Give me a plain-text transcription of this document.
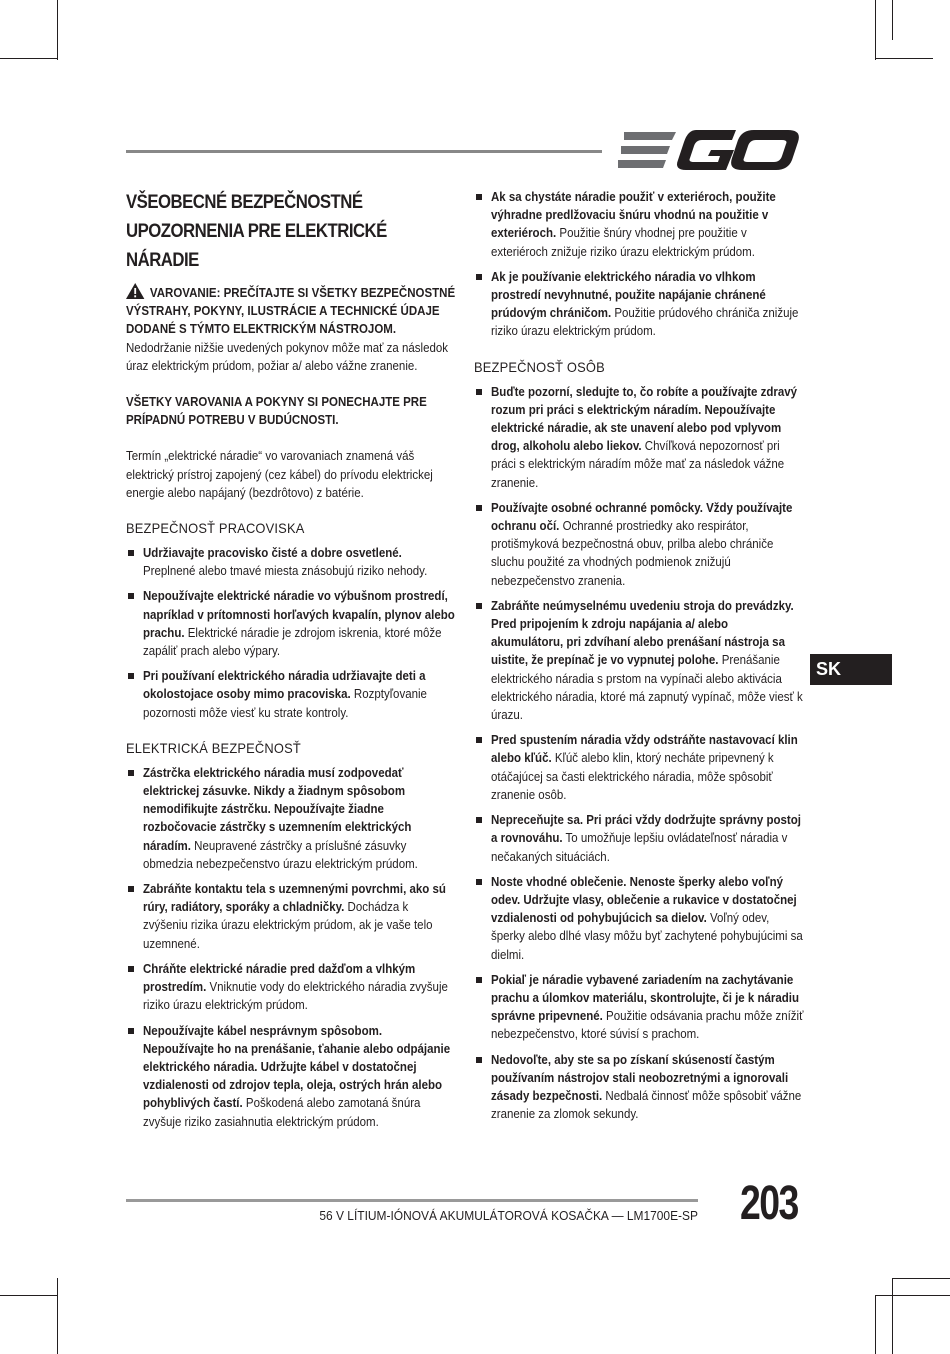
VŠEOBECNÉ BEZPEČNOSTNÉ UPOZORNENIA PRE ELEKTRICKÉ NÁRADIE
VAROVANIE: PREČÍTAJTE SI VŠETKY BEZPEČNOSTNÉ VÝSTRAHY, POKYNY, ILUSTRÁCIE A TECHNICKÉ ÚDAJE DODANÉ S TÝMTO ELEKTRICKÝM NÁSTROJOM. Nedodržanie nižšie uvedených pokynov môže mať za následok úraz elektrickým prúdom, požiar a/ alebo vážne zranenie.
VŠETKY VAROVANIA A POKYNY SI PONECHAJTE PRE PRÍPADNÚ POTREBU V BUDÚCNOSTI.
Termín „elektrické náradie“ vo varovaniach znamená váš elektrický prístroj zapojený (cez kábel) do prívodu elektrickej energie alebo napájaný (bezdrôtovo) z batérie.
BEZPEČNOSŤ PRACOVISKA
Udržiavajte pracovisko čisté a dobre osvetlené. Preplnené alebo tmavé miesta znásobujú riziko nehody.
Nepoužívajte elektrické náradie vo výbušnom prostredí, napríklad v prítomnosti horľavých kvapalín, plynov alebo prachu. Elektrické náradie je zdrojom iskrenia, ktoré môže zapáliť prach alebo výpary.
Pri používaní elektrického náradia udržiavajte deti a okolostojace osoby mimo pracoviska. Rozptyľovanie pozornosti môže viesť ku strate kontroly.
ELEKTRICKÁ BEZPEČNOSŤ
Zástrčka elektrického náradia musí zodpovedať elektrickej zásuvke. Nikdy a žiadnym spôsobom nemodifikujte zástrčku. Nepoužívajte žiadne rozbočovacie zástrčky s uzemnením elektrických náradím. Neupravené zástrčky a príslušné zásuvky obmedzia nebezpečenstvo úrazu elektrickým prúdom.
Zabráňte kontaktu tela s uzemnenými povrchmi, ako sú rúry, radiátory, sporáky a chladničky. Dochádza k zvýšeniu rizika úrazu elektrickým prúdom, ak je vaše telo uzemnené.
Chráňte elektrické náradie pred dažďom a vlhkým prostredím. Vniknutie vody do elektrického náradia zvyšuje riziko úrazu elektrickým prúdom.
Nepoužívajte kábel nesprávnym spôsobom. Nepoužívajte ho na prenášanie, ťahanie alebo odpájanie elektrického náradia. Udržujte kábel v dostatočnej vzdialenosti od zdrojov tepla, oleja, ostrých hrán alebo pohyblivých častí. Poškodená alebo zamotaná šnúra zvyšuje riziko zasiahnutia elektrickým prúdom.
Ak sa chystáte náradie použiť v exteriéroch, použite výhradne predlžovaciu šnúru vhodnú na použitie v exteriéroch. Použitie šnúry vhodnej pre použitie v exteriéroch znižuje riziko úrazu elektrickým prúdom.
Ak je používanie elektrického náradia vo vlhkom prostredí nevyhnutné, použite napájanie chránené prúdovým chráničom. Použitie prúdového chrániča znižuje riziko úrazu elektrickým prúdom.
BEZPEČNOSŤ OSÔB
Buďte pozorní, sledujte to, čo robíte a používajte zdravý rozum pri práci s elektrickým náradím. Nepoužívajte elektrické náradie, ak ste unavení alebo pod vplyvom drog, alkoholu alebo liekov. Chvíľková nepozornosť pri práci s elektrickým náradím môže mať za následok vážne zranenie.
Používajte osobné ochranné pomôcky. Vždy používajte ochranu očí. Ochranné prostriedky ako respirátor, protišmyková bezpečnostná obuv, prilba alebo chrániče sluchu použité za vhodných podmienok znižujú nebezpečenstvo zranenia.
Zabráňte neúmyselnému uvedeniu stroja do prevádzky. Pred pripojením k zdroju napájania a/ alebo akumulátoru, pri zdvíhaní alebo prenášaní nástroja sa uistite, že prepínač je vo vypnutej polohe. Prenášanie elektrického náradia s prstom na vypínači alebo aktivácia elektrického náradia, ktoré má zapnutý vypínač, môže viesť k úrazu.
Pred spustením náradia vždy odstráňte nastavovací klin alebo kľúč. Kľúč alebo klin, ktorý necháte pripevnený k otáčajúcej sa časti elektrického náradia, môže spôsobiť zranenie osôb.
Nepreceňujte sa. Pri práci vždy dodržujte správny postoj a rovnováhu. To umožňuje lepšiu ovládateľnosť náradia v nečakaných situáciách.
Noste vhodné oblečenie. Nenoste šperky alebo voľný odev. Udržujte vlasy, oblečenie a rukavice v dostatočnej vzdialenosti od pohybujúcich sa dielov. Voľný odev, šperky alebo dlhé vlasy môžu byť zachytené pohybujúcimi sa dielmi.
Pokiaľ je náradie vybavené zariadením na zachytávanie prachu a úlomkov materiálu, skontrolujte, či je k náradiu správne pripevnené. Použitie odsávania prachu môže znížiť nebezpečenstvo, ktoré súvisí s prachom.
Nedovoľte, aby ste sa po získaní skúseností častým používaním nástrojov stali neobozretnými a ignorovali zásady bezpečnosti. Nedbalá činnosť môže spôsobiť vážne zranenie za zlomok sekundy.
SK
56 V LÍTIUM-IÓNOVÁ AKUMULÁTOROVÁ KOSAČKA — LM1700E-SP 203
